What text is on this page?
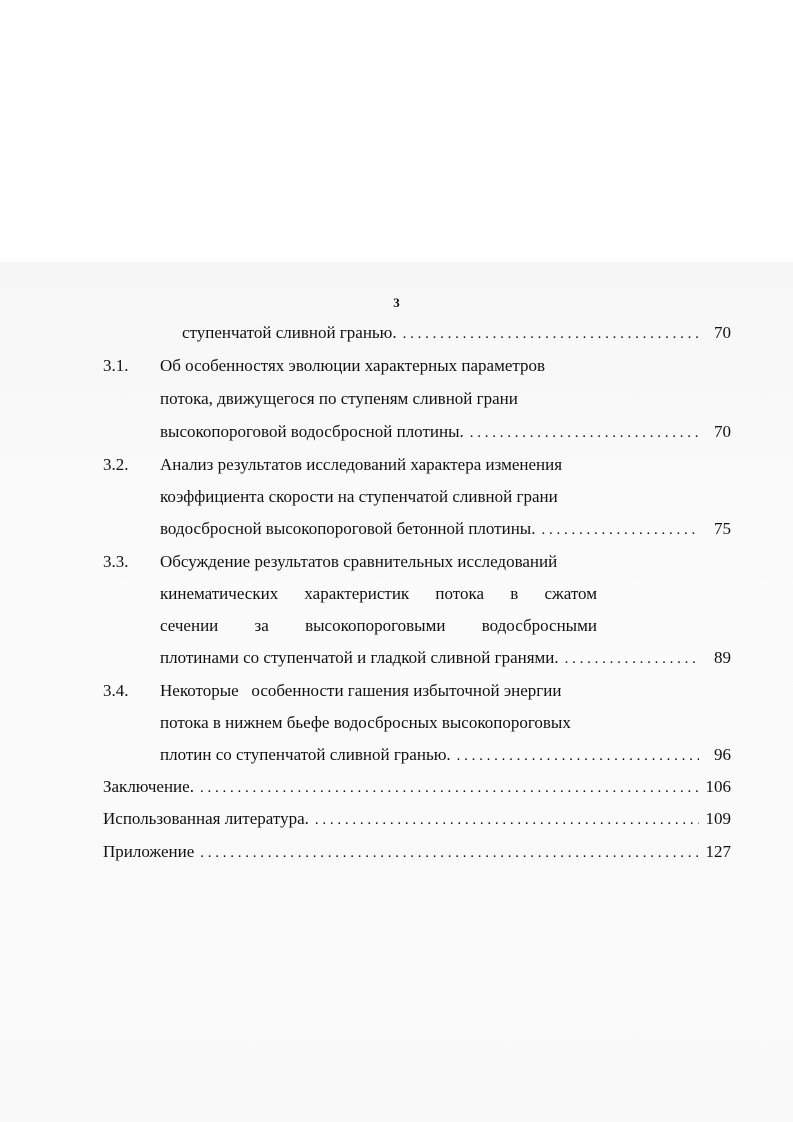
3
ступенчатой сливной гранью. . . .	70
3.1. Об особенностях эволюции характерных параметров
потока, движущегося по ступеням сливной грани
высокопороговой водосбросной плотины. . . .	70
3.2. Анализ результатов исследований характера изменения
коэффициента скорости на ступенчатой сливной грани
водосбросной высокопороговой бетонной плотины. . . .	75
3.3. Обсуждение результатов сравнительных исследований
кинематических характеристик потока в сжатом
сечении за высокопороговыми водосбросными
плотинами со ступенчатой и гладкой сливной гранями. . . .	89
3.4. Некоторые   особенности гашения избыточной энергии
потока в нижнем бьефе водосбросных высокопороговых
плотин со ступенчатой сливной гранью. . . .	96
Заключение. . . .	106
Использованная литература. . . .	109
Приложение . . .	127
